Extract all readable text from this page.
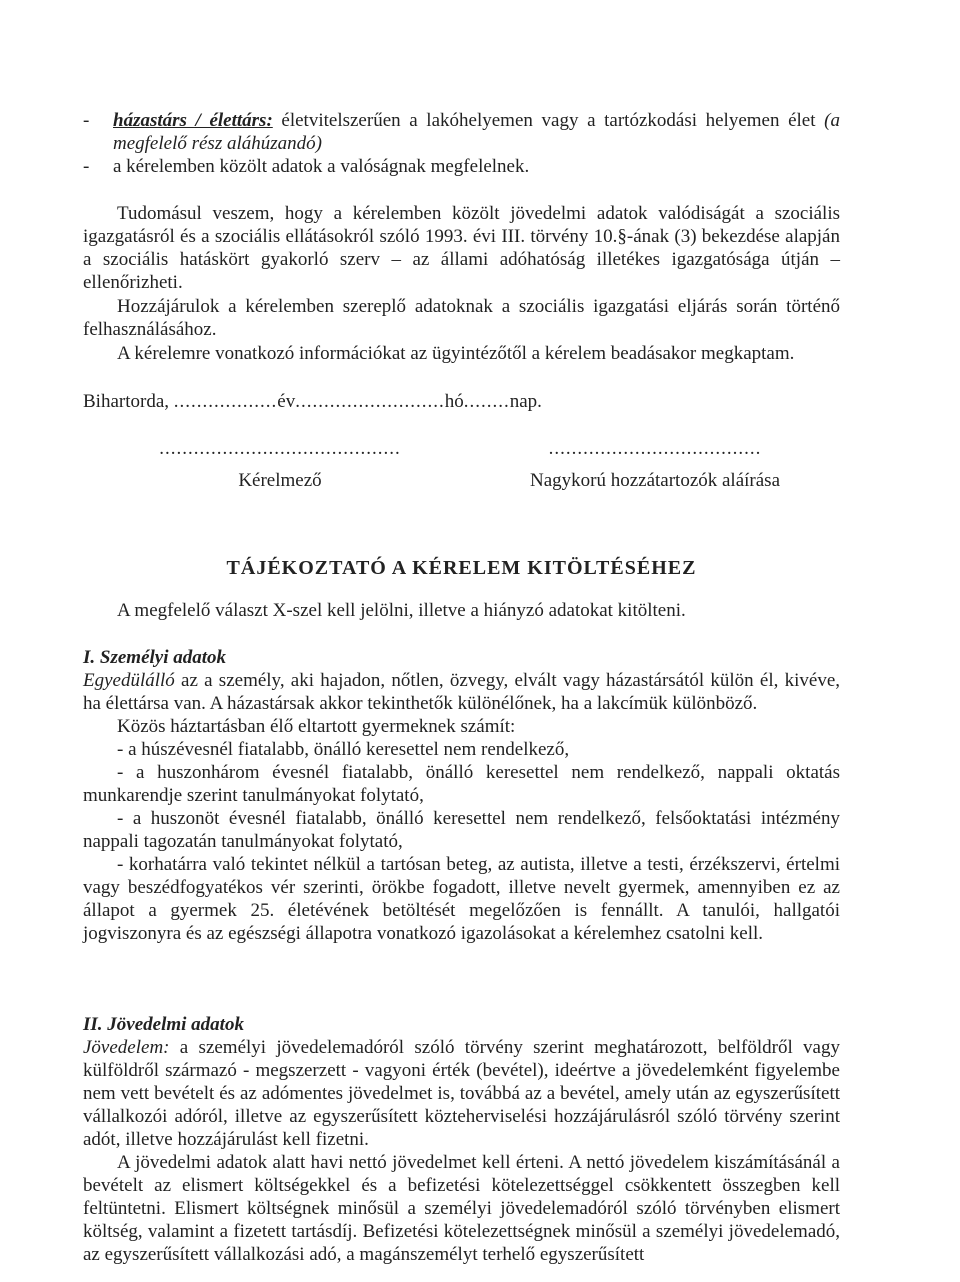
-	házastárs / élettárs: életvitelszerűen a lakóhelyemen vagy a tartózkodási helyemen élet (a megfelelő rész aláhúzandó)
-	a kérelemben közölt adatok a valóságnak megfelelnek.

Tudomásul veszem, hogy a kérelemben közölt jövedelmi adatok valódiságát a szociális igazgatásról és a szociális ellátásokról szóló 1993. évi III. törvény 10.§-ának (3) bekezdése alapján a szociális hatáskört gyakorló szerv – az állami adóhatóság illetékes igazgatósága útján – ellenőrizheti.

Hozzájárulok a kérelemben szereplő adatoknak a szociális igazgatási eljárás során történő felhasználásához.

A kérelemre vonatkozó információkat az ügyintézőtől a kérelem beadásakor megkaptam.

Bihartorda, ..................év..........................hó........nap.
..........................................
Kérelmező
.....................................
Nagykorú hozzátartozók aláírása
TÁJÉKOZTATÓ A KÉRELEM KITÖLTÉSÉHEZ

A megfelelő választ X-szel kell jelölni, illetve a hiányzó adatokat kitölteni.

I. Személyi adatok

Egyedülálló az a személy, aki hajadon, nőtlen, özvegy, elvált vagy házastársától külön él, kivéve, ha élettársa van. A házastársak akkor tekinthetők különélőnek, ha a lakcímük különböző.

Közös háztartásban élő eltartott gyermeknek számít:

- a húszévesnél fiatalabb, önálló keresettel nem rendelkező,

- a huszonhárom évesnél fiatalabb, önálló keresettel nem rendelkező, nappali oktatás munkarendje szerint tanulmányokat folytató,

- a huszonöt évesnél fiatalabb, önálló keresettel nem rendelkező, felsőoktatási intézmény nappali tagozatán tanulmányokat folytató,

- korhatárra való tekintet nélkül a tartósan beteg, az autista, illetve a testi, érzékszervi, értelmi vagy beszédfogyatékos vér szerinti, örökbe fogadott, illetve nevelt gyermek, amennyiben ez az állapot a gyermek 25. életévének betöltését megelőzően is fennállt. A tanulói, hallgatói jogviszonyra és az egészségi állapotra vonatkozó igazolásokat a kérelemhez csatolni kell.

II. Jövedelmi adatok

Jövedelem: a személyi jövedelemadóról szóló törvény szerint meghatározott, belföldről vagy külföldről származó - megszerzett - vagyoni érték (bevétel), ideértve a jövedelemként figyelembe nem vett bevételt és az adómentes jövedelmet is, továbbá az a bevétel, amely után az egyszerűsített vállalkozói adóról, illetve az egyszerűsített közteherviselési hozzájárulásról szóló törvény szerint adót, illetve hozzájárulást kell fizetni.

A jövedelmi adatok alatt havi nettó jövedelmet kell érteni. A nettó jövedelem kiszámításánál a bevételt az elismert költségekkel és a befizetési kötelezettséggel csökkentett összegben kell feltüntetni. Elismert költségnek minősül a személyi jövedelemadóról szóló törvényben elismert költség, valamint a fizetett tartásdíj. Befizetési kötelezettségnek minősül a személyi jövedelemadó, az egyszerűsített vállalkozási adó, a magánszemélyt terhelő egyszerűsített
